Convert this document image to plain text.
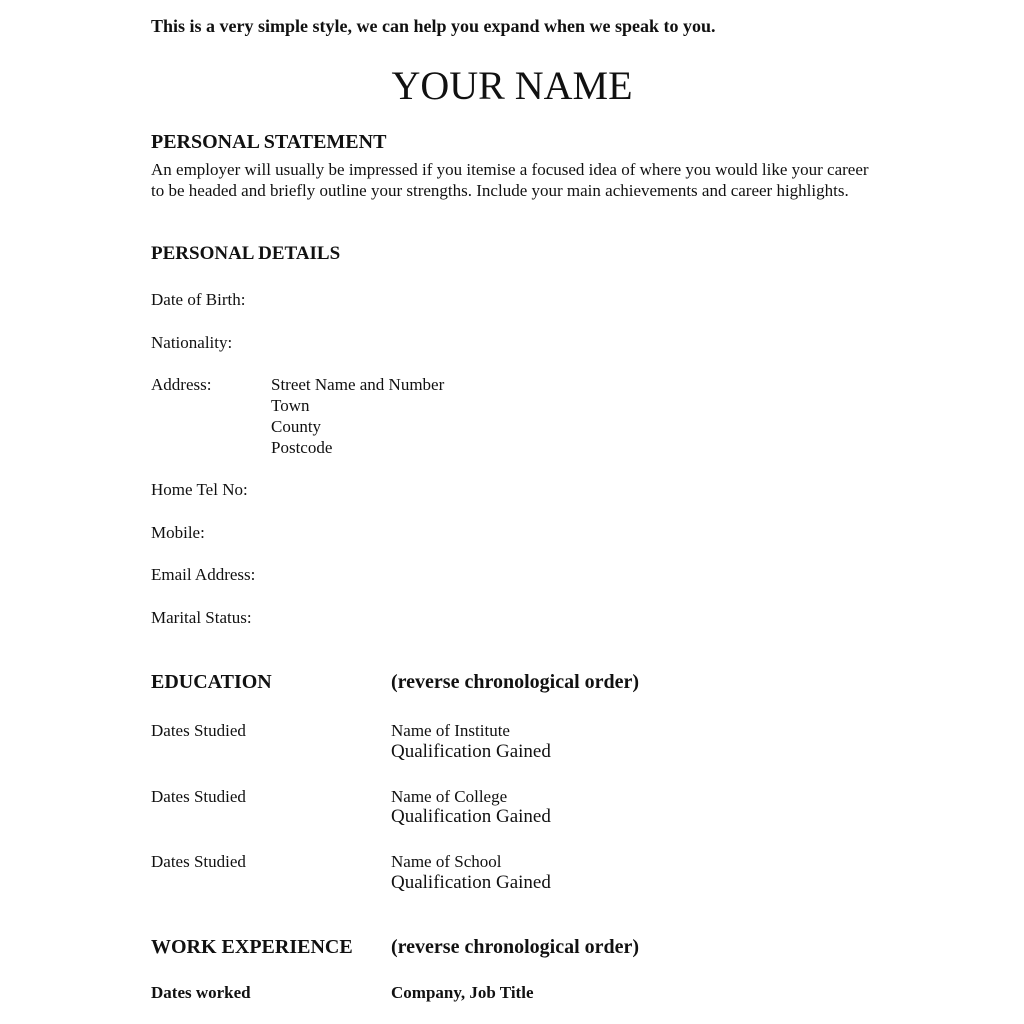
This is a very simple style, we can help you expand when we speak to you.
YOUR NAME
PERSONAL STATEMENT
An employer will usually be impressed if you itemise a focused idea of where you would like your career to be headed and briefly outline your strengths. Include your main achievements and career highlights.
PERSONAL DETAILS
Date of Birth:
Nationality:
Address:	Street Name and Number
Town
County
Postcode
Home Tel No:
Mobile:
Email Address:
Marital Status:
EDUCATION	(reverse chronological order)
Dates Studied	Name of Institute
Qualification Gained
Dates Studied	Name of College
Qualification Gained
Dates Studied	Name of School
Qualification Gained
WORK EXPERIENCE (reverse chronological order)
Dates worked	Company, Job Title
